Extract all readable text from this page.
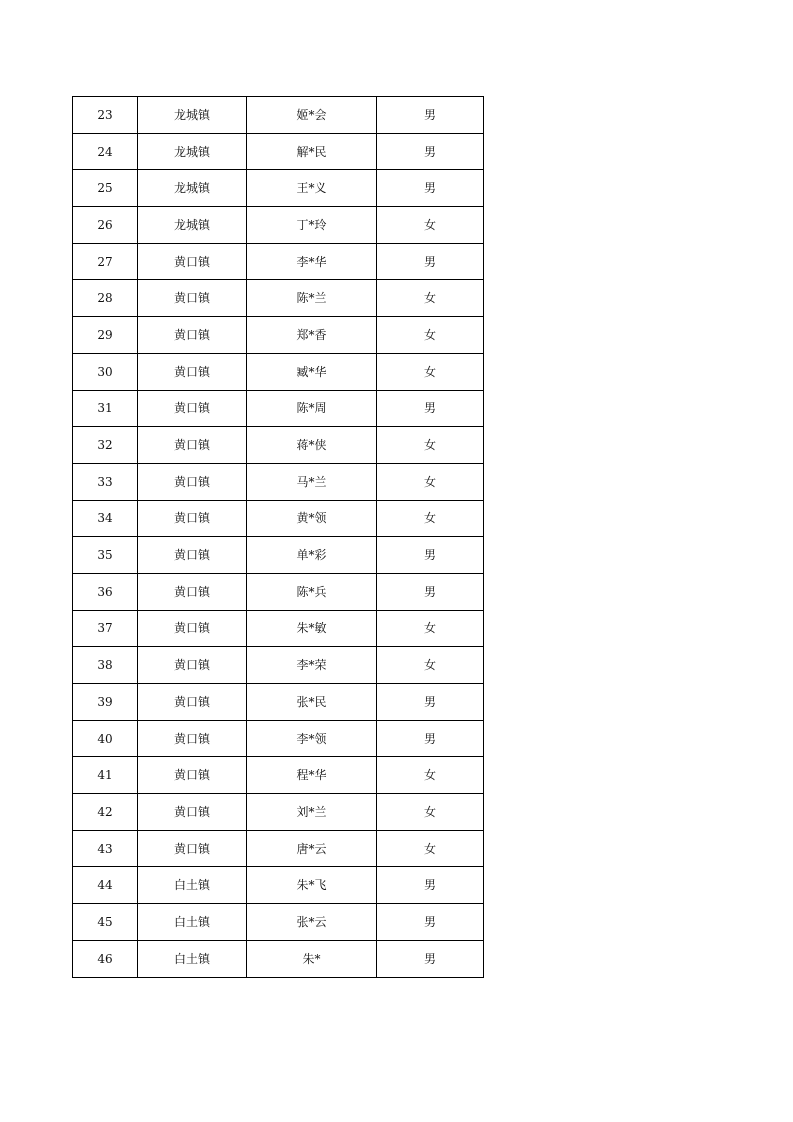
23	龙城镇	姬*会	男
24	龙城镇	解*民	男
25	龙城镇	王*义	男
26	龙城镇	丁*玲	女
27	黄口镇	李*华	男
28	黄口镇	陈*兰	女
29	黄口镇	郑*香	女
30	黄口镇	臧*华	女
31	黄口镇	陈*周	男
32	黄口镇	蒋*侠	女
33	黄口镇	马*兰	女
34	黄口镇	黄*领	女
35	黄口镇	单*彩	男
36	黄口镇	陈*兵	男
37	黄口镇	朱*敏	女
38	黄口镇	李*荣	女
39	黄口镇	张*民	男
40	黄口镇	李*领	男
41	黄口镇	程*华	女
42	黄口镇	刘*兰	女
43	黄口镇	唐*云	女
44	白土镇	朱*飞	男
45	白土镇	张*云	男
46	白土镇	朱*	男
